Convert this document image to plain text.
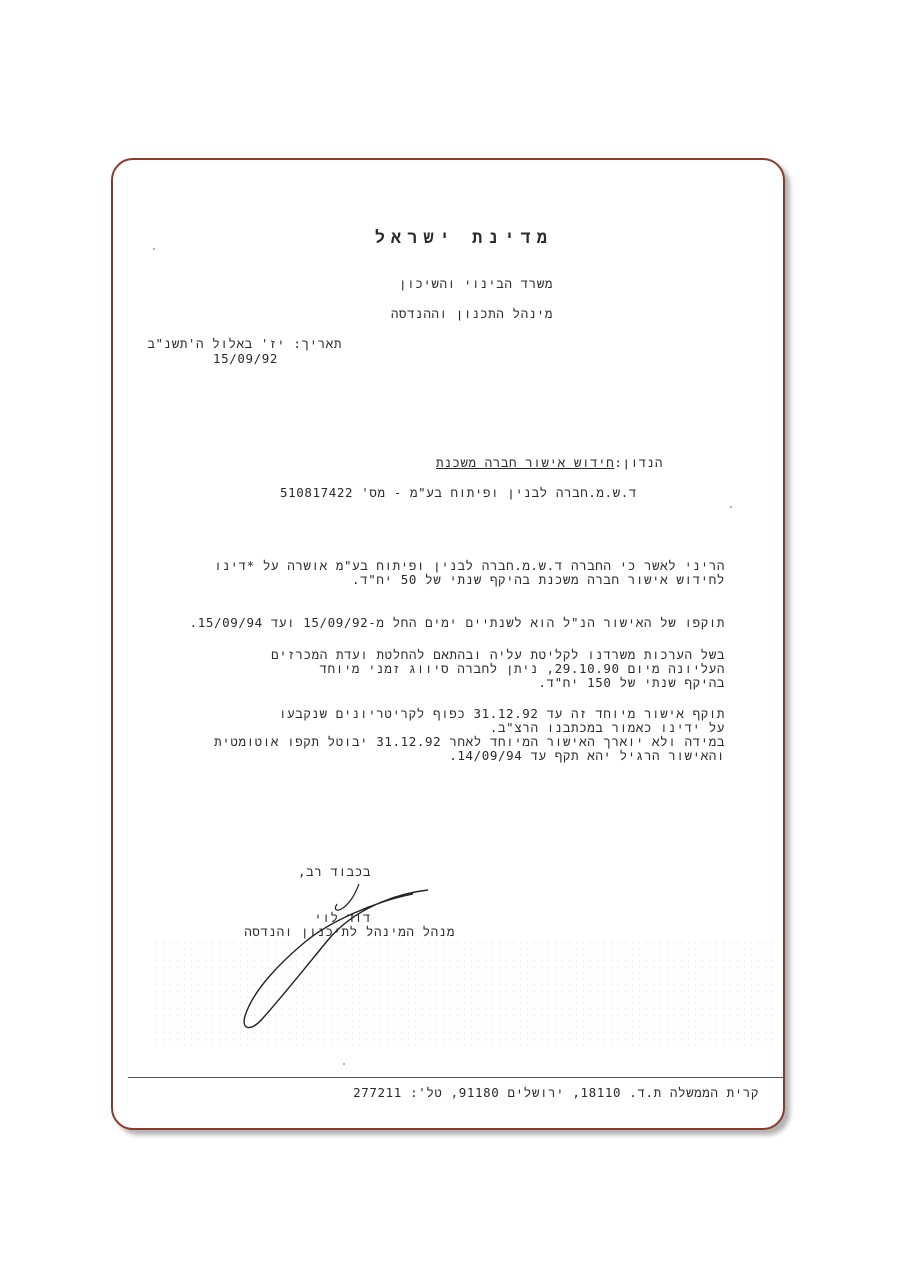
מדינת ישראל
משרד הבינוי והשיכון
מינהל התכנון וההנדסה
תאריך: יז' באלול ה'תשנ"ב
15/09/92
הנדון:חידוש אישור חברה משכנת
ד.ש.מ.חברה לבנין ופיתוח בע"מ - מס' 510817422
הריני לאשר כי החברה ד.ש.מ.חברה לבנין ופיתוח בע"מ אושרה על *דינו
לחידוש אישור חברה משכנת בהיקף שנתי של 50 יח"ד.
תוקפו של האישור הנ"ל הוא לשנתיים ימים החל מ-15/09/92 ועד 15/09/94.
בשל הערכות משרדנו לקליטת עליה ובהתאם להחלטת ועדת המכרזים
העליונה מיום 29.10.90, ניתן לחברה סיווג זמני מיוחד
בהיקף שנתי של 150 יח"ד.
תוקף אישור מיוחד זה עד 31.12.92 כפוף לקריטריונים שנקבעו
על ידינו כאמור במכתבנו הרצ"ב.
במידה ולא יוארך האישור המיוחד לאחר 31.12.92 יבוטל תקפו אוטומטית
והאישור הרגיל יהא תקף עד 14/09/94.
בכבוד רב,
דוד לוי
מנהל המינהל לתיכנון והנדסה
קרית הממשלה ת.ד. 18110, ירושלים 91180, טל': 277211
